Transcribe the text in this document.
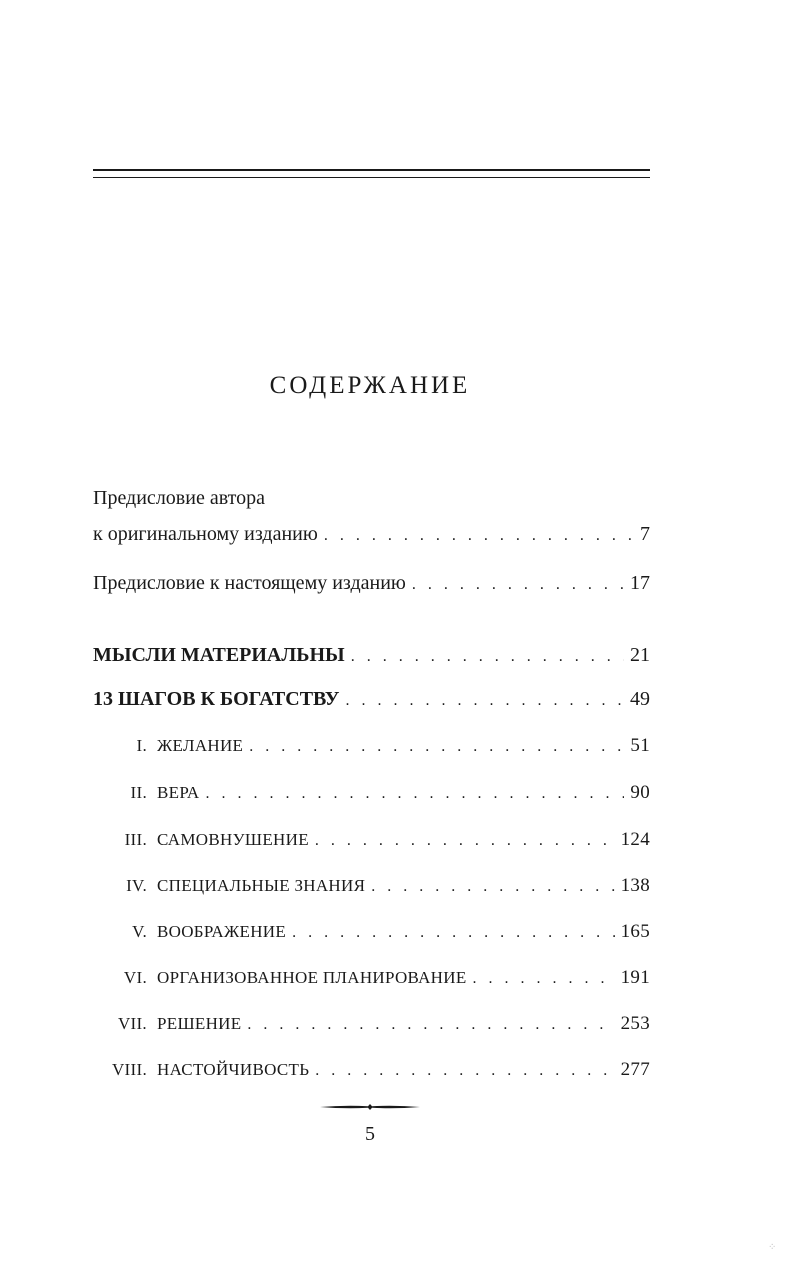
СОДЕРЖАНИЕ
Предисловие автора
к оригинальному изданию . . .	7
Предисловие к настоящему изданию . . .	17
МЫСЛИ МАТЕРИАЛЬНЫ . . .	21
13 ШАГОВ К БОГАТСТВУ . . .	49
I. ЖЕЛАНИЕ . . .	51
II. ВЕРА . . .	90
III. САМОВНУШЕНИЕ . . .	124
IV. СПЕЦИАЛЬНЫЕ ЗНАНИЯ . . .	138
V. ВООБРАЖЕНИЕ . . .	165
VI. ОРГАНИЗОВАННОЕ ПЛАНИРОВАНИЕ . . .	191
VII. РЕШЕНИЕ . . .	253
VIII. НАСТОЙЧИВОСТЬ . . .	277
5
⁘
